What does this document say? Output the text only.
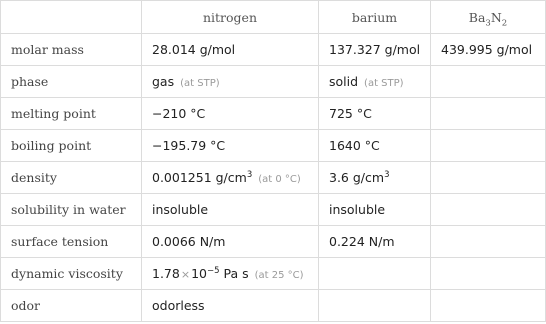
	nitrogen	barium	$Ba_3N_2$
molar mass	28.014 g/mol	137.327 g/mol	439.995 g/mol
phase	gas (at STP)	solid (at STP)	
melting point	−210 °C	725 °C	
boiling point	−195.79 °C	1640 °C	
density	0.001251 $g/cm^3$ (at 0 °C)	3.6 $g/cm^3$	
solubility in water	insoluble	insoluble	
surface tension	0.0066 N/m	0.224 N/m	
dynamic viscosity	$1.78\times 10^{-5}$ Pa s (at 25 °C)		
odor	odorless		
